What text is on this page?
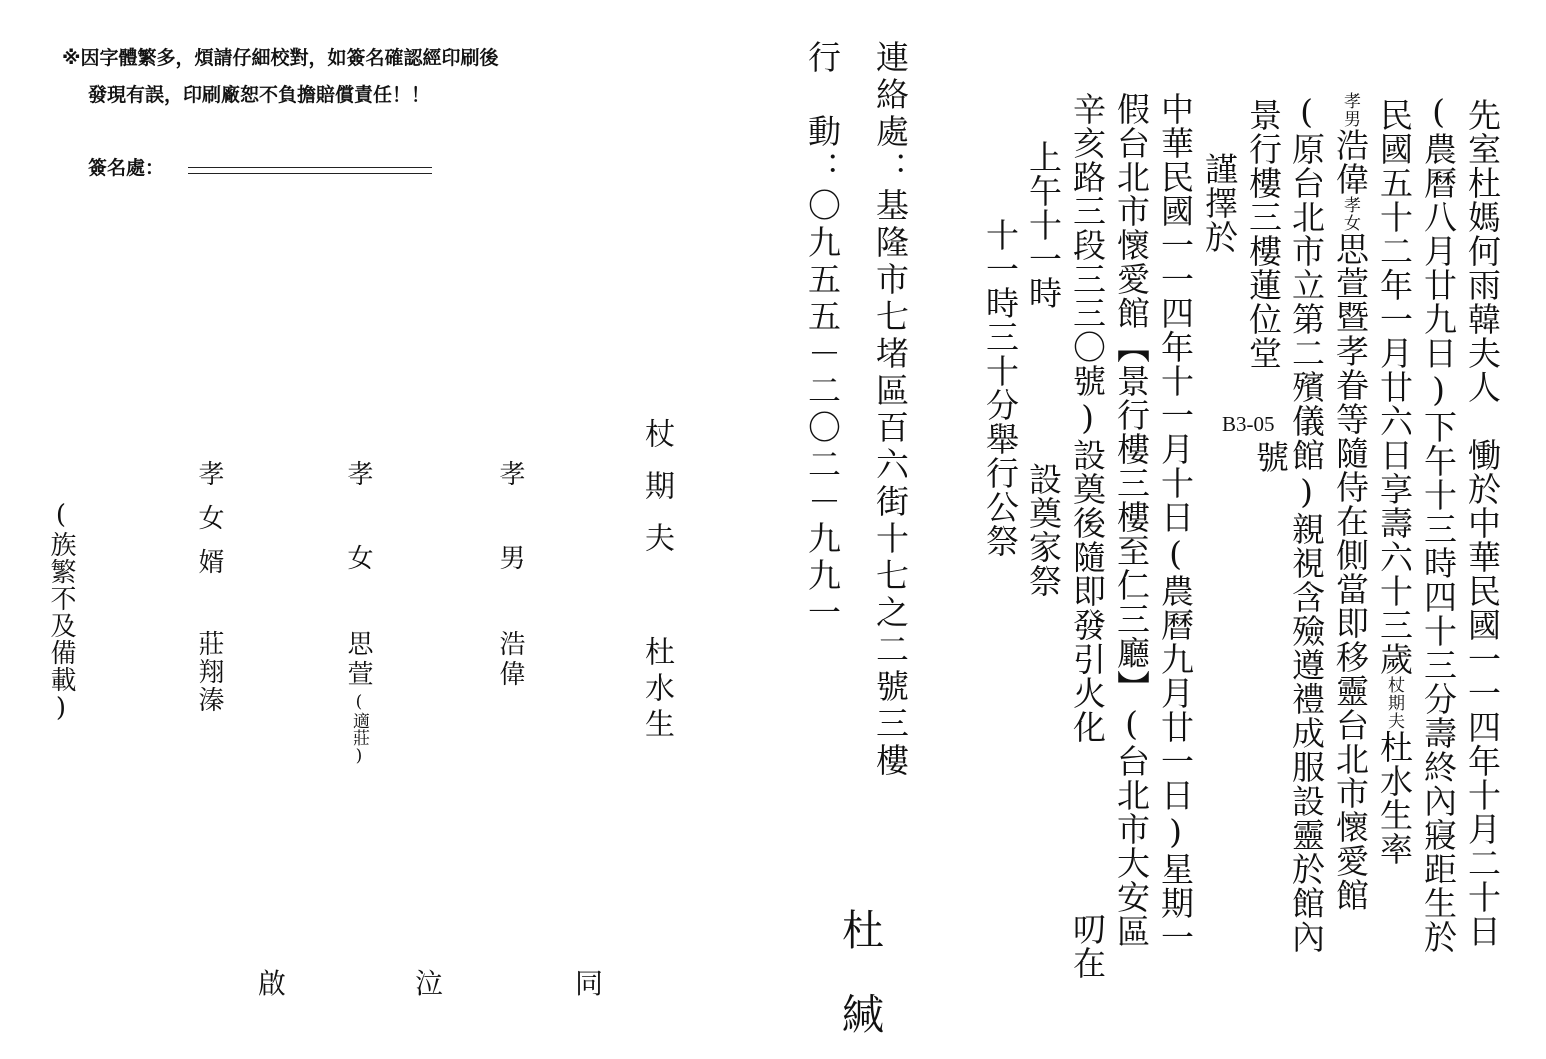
※因字體繁多，煩請仔細校對，如簽名確認經印刷後
發現有誤，印刷廠恕不負擔賠償責任！！
簽名處：	先室杜媽何雨韓夫人　慟於中華民國一一四年十月二十日
(農曆八月廿九日)下午十三時四十三分壽終內寢距生於
民國五十二年一月廿六日享壽六十三歲杖期夫杜水生率
孝男浩偉孝女思萱暨孝眷等隨侍在側當即移靈台北市懷愛館
(原台北市立第二殯儀館)親視含殮遵禮成服設靈於館內
景行樓三樓蓮位堂
B3-05
號
謹擇於
中華民國一一四年十一月十日(農曆九月廿一日)星期一
假台北市懷愛館【景行樓三樓至仁三廳】(台北市大安區
辛亥路三段三三〇號)設奠後隨即發引火化
叨在
上午十一時
設奠家祭
十一時三十分舉行公祭
連絡處：基隆市七堵區百六街十七之二號三樓
行　動：〇九五五－二〇二－九九一
杜　緘
杖期夫
杜水生
孝男
浩偉
孝女
思萱
(適莊)
孝女婿
莊翔溱
(族繁不及備載)
同
泣
啟
